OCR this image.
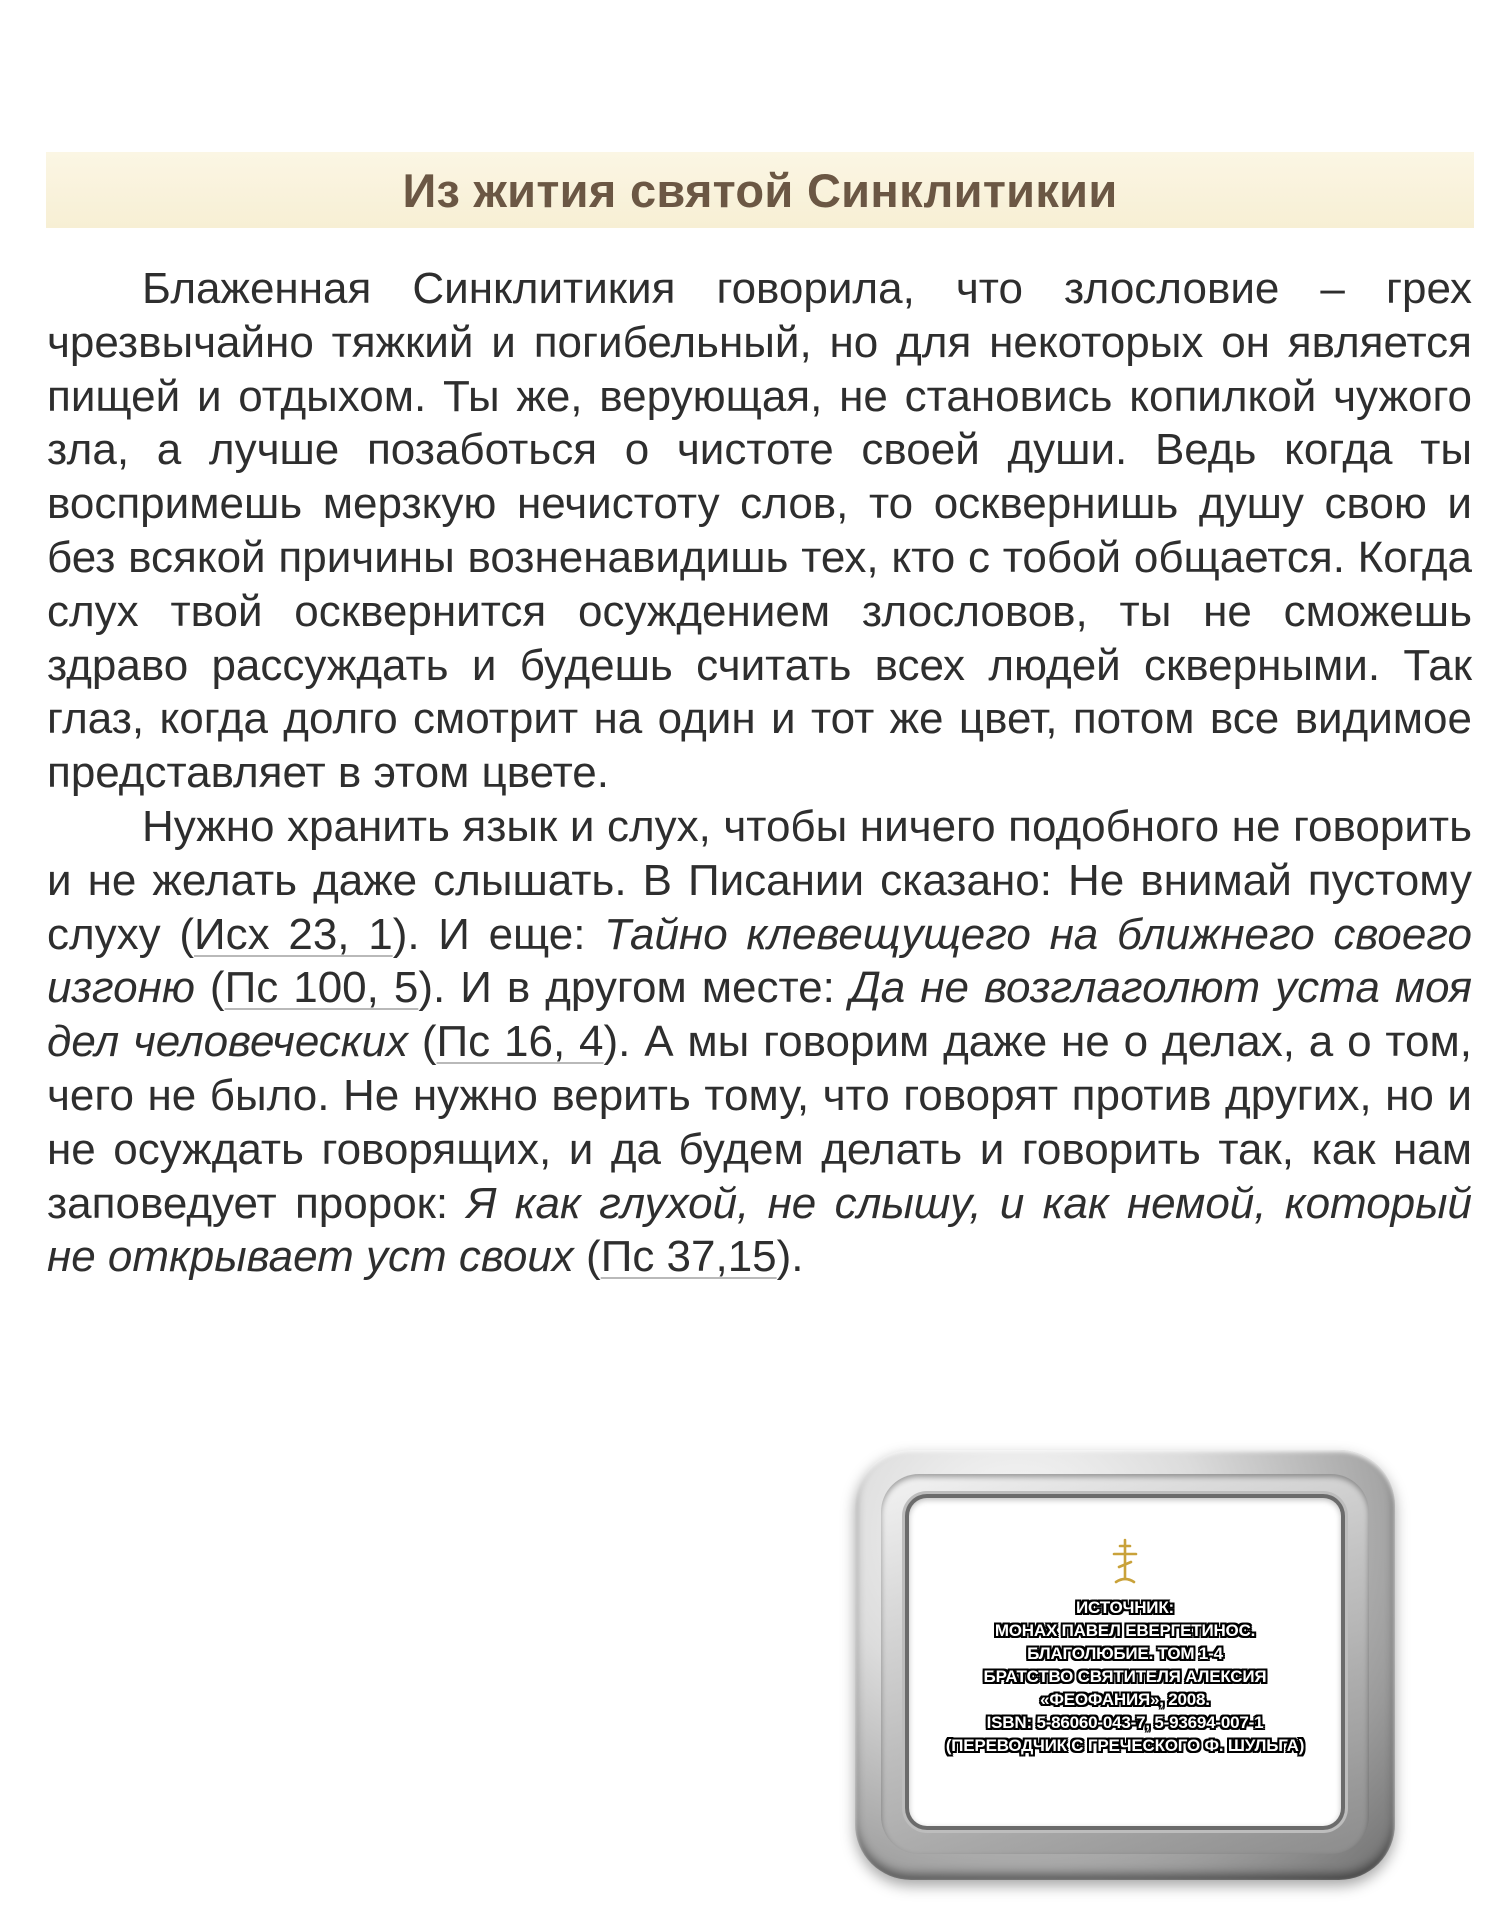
Из жития святой Синклитикии

Блаженная Синклитикия говорила, что злословие – грех чрезвычайно тяжкий и погибельный, но для некоторых он является пищей и отдыхом. Ты же, верующая, не становись копилкой чужого зла, а лучше позаботься о чистоте своей души. Ведь когда ты воспримешь мерзкую нечистоту слов, то осквернишь душу свою и без всякой причины возненавидишь тех, кто с тобой общается. Когда слух твой осквернится осуждением злословов, ты не сможешь здраво рассуждать и будешь считать всех людей скверными. Так глаз, когда долго смотрит на один и тот же цвет, потом все видимое представляет в этом цвете.

Нужно хранить язык и слух, чтобы ничего подобного не говорить и не желать даже слышать. В Писании сказано: Не внимай пустому слуху (Исх 23, 1). И еще: Тайно клевещущего на ближнего своего изгоню (Пс 100, 5). И в другом месте: Да не возглаголют уста моя дел человеческих (Пс 16, 4). А мы говорим даже не о делах, а о том, чего не было. Не нужно верить тому, что говорят против других, но и не осуждать говорящих, и да будем делать и говорить так, как нам заповедует пророк: Я как глухой, не слышу, и как немой, который не открывает уст своих (Пс 37,15).

ИСТОЧНИК:
МОНАХ ПАВЕЛ ЕВЕРГЕТИНОС.
БЛАГОЛЮБИЕ. ТОМ 1-4
БРАТСТВО СВЯТИТЕЛЯ АЛЕКСИЯ
«ФЕОФАНИЯ», 2008.
ISBN: 5-86060-043-7, 5-93694-007-1
(ПЕРЕВОДЧИК С ГРЕЧЕСКОГО Ф. ШУЛЬГА)
